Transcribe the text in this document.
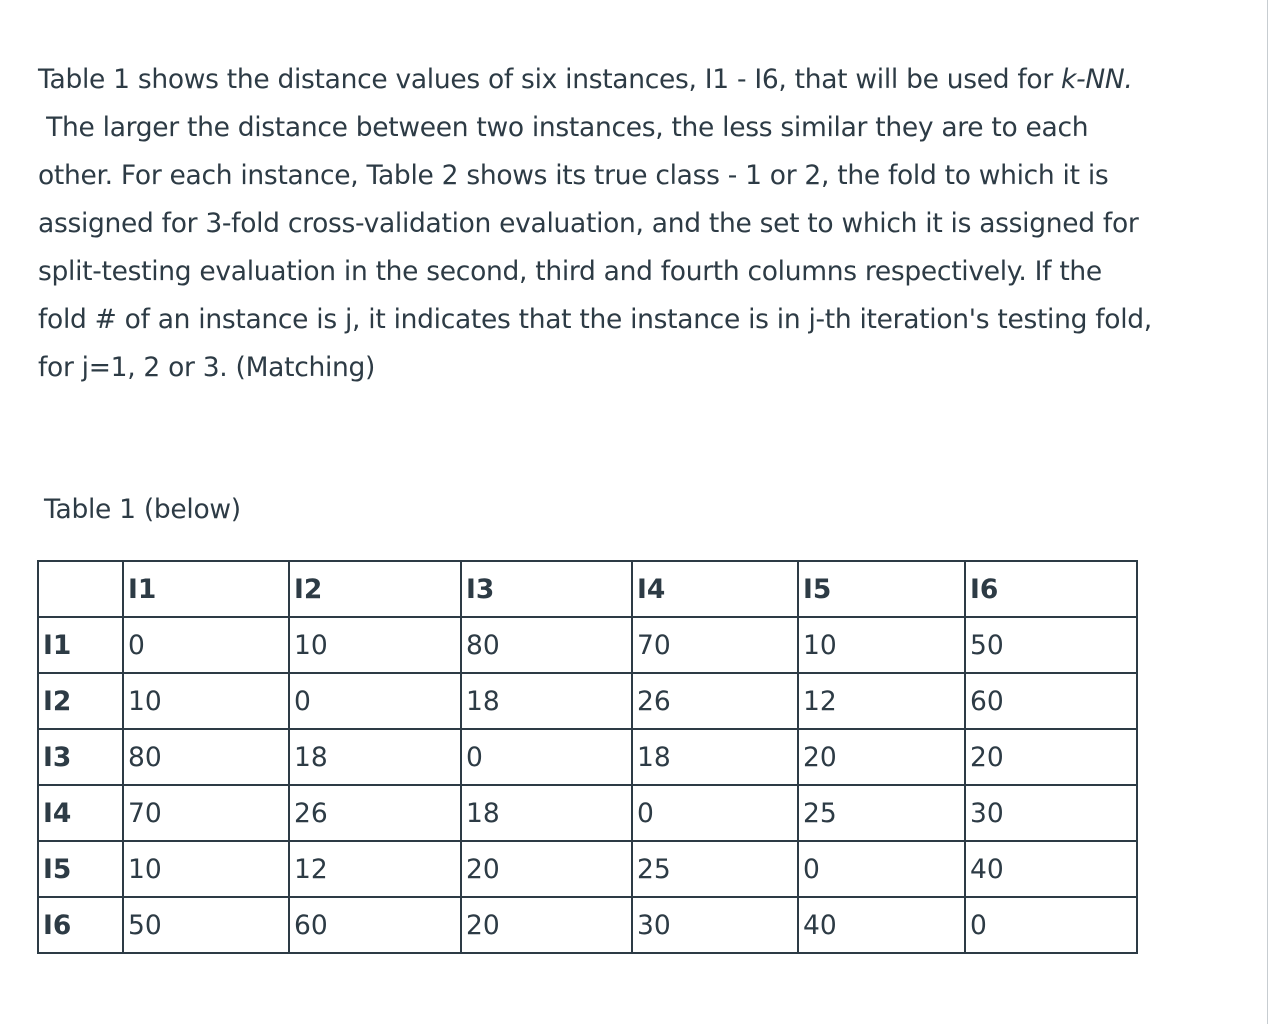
Table 1 shows the distance values of six instances, I1 - I6, that will be used for k-NN.
The larger the distance between two instances, the less similar they are to each
other. For each instance, Table 2 shows its true class - 1 or 2, the fold to which it is
assigned for 3-fold cross-validation evaluation, and the set to which it is assigned for
split-testing evaluation in the second, third and fourth columns respectively. If the
fold # of an instance is j, it indicates that the instance is in j-th iteration's testing fold,
for j=1, 2 or 3. (Matching)

Table 1 (below)

	I1	I2	I3	I4	I5	I6
I1	0	10	80	70	10	50
I2	10	0	18	26	12	60
I3	80	18	0	18	20	20
I4	70	26	18	0	25	30
I5	10	12	20	25	0	40
I6	50	60	20	30	40	0
